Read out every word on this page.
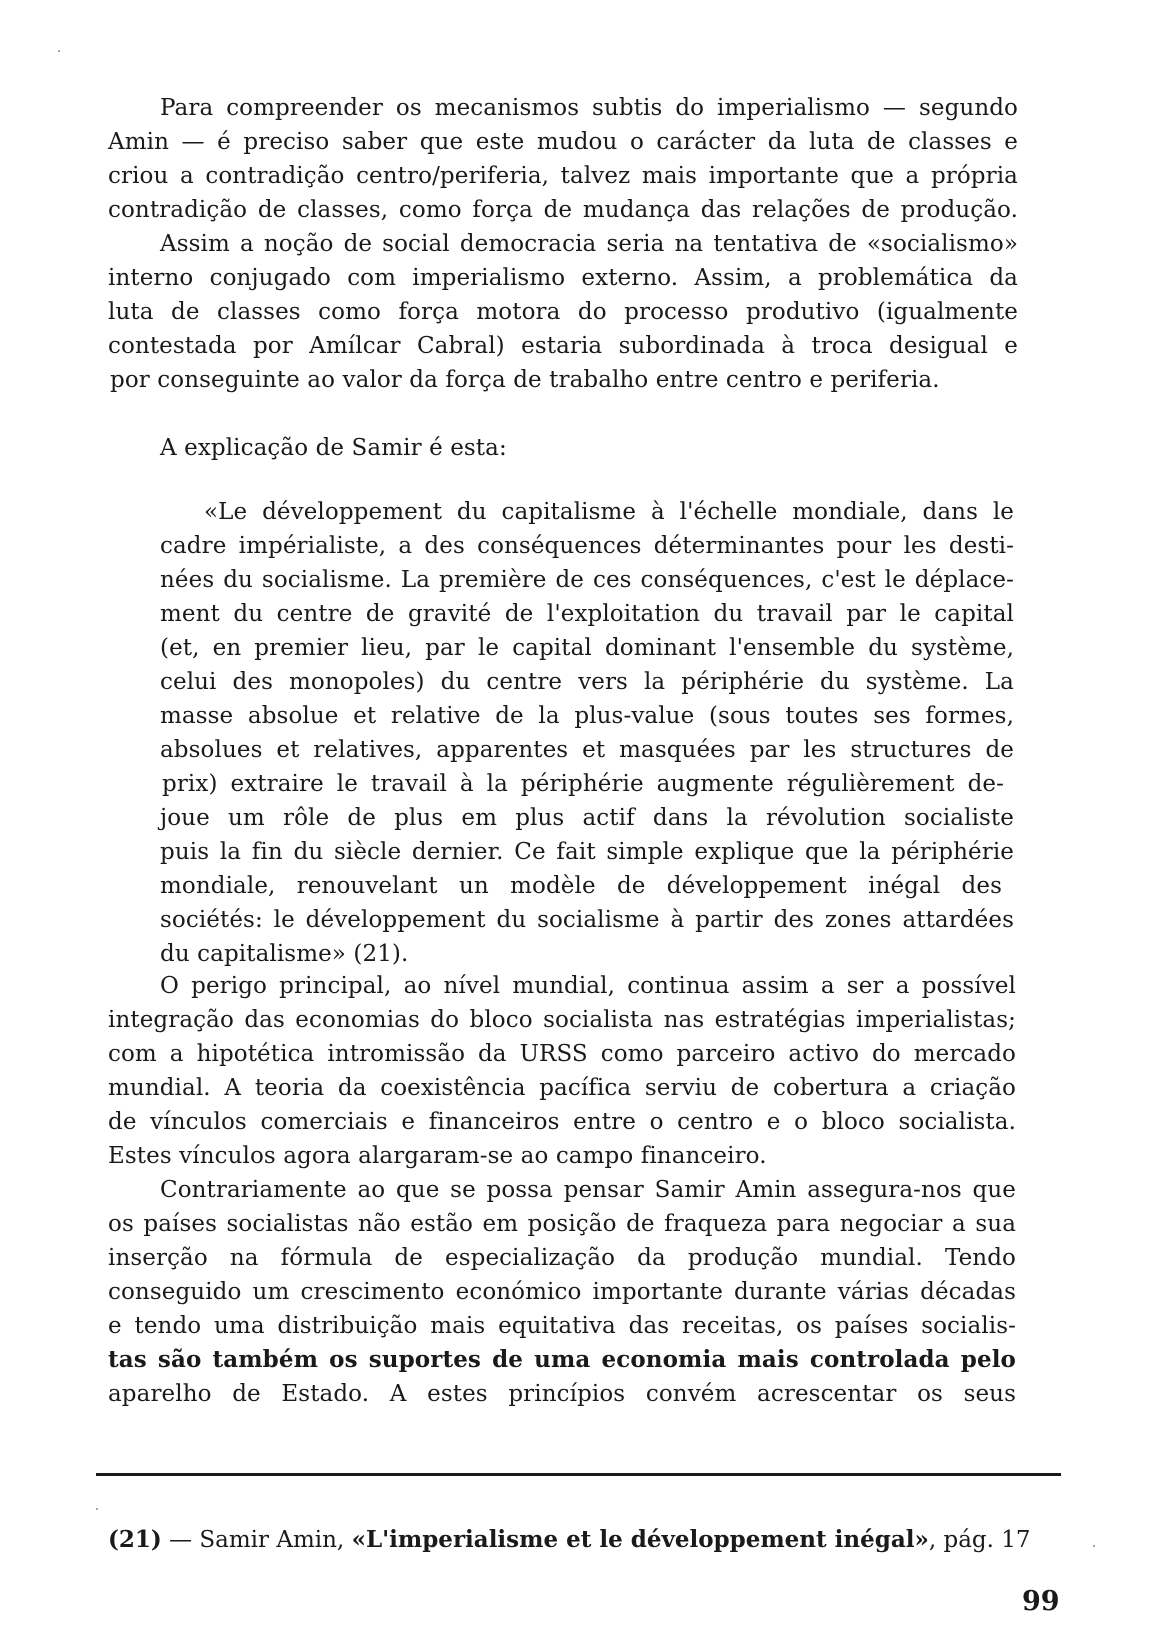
Para compreender os mecanismos subtis do imperialismo — segundo
Amin — é preciso saber que este mudou o carácter da luta de classes e
criou a contradição centro/periferia, talvez mais importante que a própria
contradição de classes, como força de mudança das relações de produção.
Assim a noção de social democracia seria na tentativa de «socialismo»
interno conjugado com imperialismo externo. Assim, a problemática da
luta de classes como força motora do processo produtivo (igualmente
contestada por Amílcar Cabral) estaria subordinada à troca desigual e
por conseguinte ao valor da força de trabalho entre centro e periferia.
A explicação de Samir é esta:
«Le développement du capitalisme à l'échelle mondiale, dans le
cadre impérialiste, a des conséquences déterminantes pour les desti-
nées du socialisme. La première de ces conséquences, c'est le déplace-
ment du centre de gravité de l'exploitation du travail par le capital
(et, en premier lieu, par le capital dominant l'ensemble du système,
celui des monopoles) du centre vers la périphérie du système. La
masse absolue et relative de la plus-value (sous toutes ses formes,
absolues et relatives, apparentes et masquées par les structures de
prix) extraire le travail à la périphérie augmente régulièrement de-
joue um rôle de plus em plus actif dans la révolution socialiste
puis la fin du siècle dernier. Ce fait simple explique que la périphérie
mondiale, renouvelant un modèle de développement inégal des
sociétés: le développement du socialisme à partir des zones attardées
du capitalisme» (21).
O perigo principal, ao nível mundial, continua assim a ser a possível
integração das economias do bloco socialista nas estratégias imperialistas;
com a hipotética intromissão da URSS como parceiro activo do mercado
mundial. A teoria da coexistência pacífica serviu de cobertura a criação
de vínculos comerciais e financeiros entre o centro e o bloco socialista.
Estes vínculos agora alargaram-se ao campo financeiro.
Contrariamente ao que se possa pensar Samir Amin assegura-nos que
os países socialistas não estão em posição de fraqueza para negociar a sua
inserção na fórmula de especialização da produção mundial. Tendo
conseguido um crescimento económico importante durante várias décadas
e tendo uma distribuição mais equitativa das receitas, os países socialis-
tas são também os suportes de uma economia mais controlada pelo
aparelho de Estado. A estes princípios convém acrescentar os seus
(21) — Samir Amin, «L'imperialisme et le développement inégal», pág. 17
99
